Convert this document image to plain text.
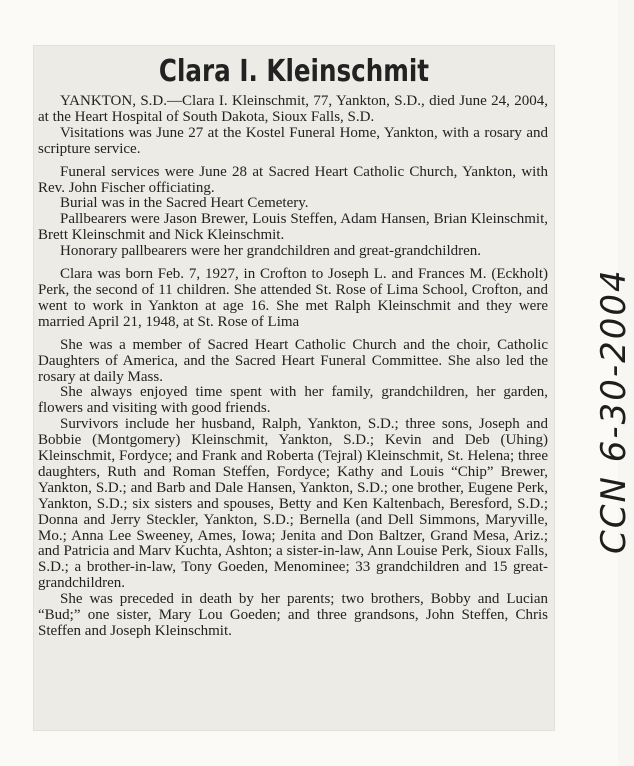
Clara I. Kleinschmit

YANKTON, S.D.—Clara I. Kleinschmit, 77, Yankton, S.D., died June 24, 2004, at the Heart Hospital of South Dakota, Sioux Falls, S.D.

Visitations was June 27 at the Kostel Funeral Home, Yankton, with a rosary and scripture service.

Funeral services were June 28 at Sacred Heart Catholic Church, Yankton, with Rev. John Fischer officiating.

Burial was in the Sacred Heart Cemetery.

Pallbearers were Jason Brewer, Louis Steffen, Adam Hansen, Brian Kleinschmit, Brett Kleinschmit and Nick Kleinschmit.

Honorary pallbearers were her grandchildren and great-grandchildren.

Clara was born Feb. 7, 1927, in Crofton to Joseph L. and Frances M. (Eckholt) Perk, the second of 11 children. She attended St. Rose of Lima School, Crofton, and went to work in Yankton at age 16. She met Ralph Kleinschmit and they were married April 21, 1948, at St. Rose of Lima

She was a member of Sacred Heart Catholic Church and the choir, Catholic Daughters of America, and the Sacred Heart Funeral Committee. She also led the rosary at daily Mass.

She always enjoyed time spent with her family, grandchildren, her garden, flowers and visiting with good friends.

Survivors include her husband, Ralph, Yankton, S.D.; three sons, Joseph and Bobbie (Montgomery) Kleinschmit, Yankton, S.D.; Kevin and Deb (Uhing) Kleinschmit, Fordyce; and Frank and Roberta (Tejral) Kleinschmit, St. Helena; three daughters, Ruth and Roman Steffen, Fordyce; Kathy and Louis “Chip” Brewer, Yankton, S.D.; and Barb and Dale Hansen, Yankton, S.D.; one brother, Eugene Perk, Yankton, S.D.; six sisters and spouses, Betty and Ken Kaltenbach, Beresford, S.D.; Donna and Jerry Steckler, Yankton, S.D.; Bernella (and Dell Simmons, Maryville, Mo.; Anna Lee Sweeney, Ames, Iowa; Jenita and Don Baltzer, Grand Mesa, Ariz.; and Patricia and Marv Kuchta, Ashton; a sister-in-law, Ann Louise Perk, Sioux Falls, S.D.; a brother-in-law, Tony Goeden, Menominee; 33 grandchildren and 15 great-grandchildren.

She was preceded in death by her parents; two brothers, Bobby and Lucian “Bud;” one sister, Mary Lou Goeden; and three grandsons, John Steffen, Chris Steffen and Joseph Kleinschmit.

CCN 6-30-2004
